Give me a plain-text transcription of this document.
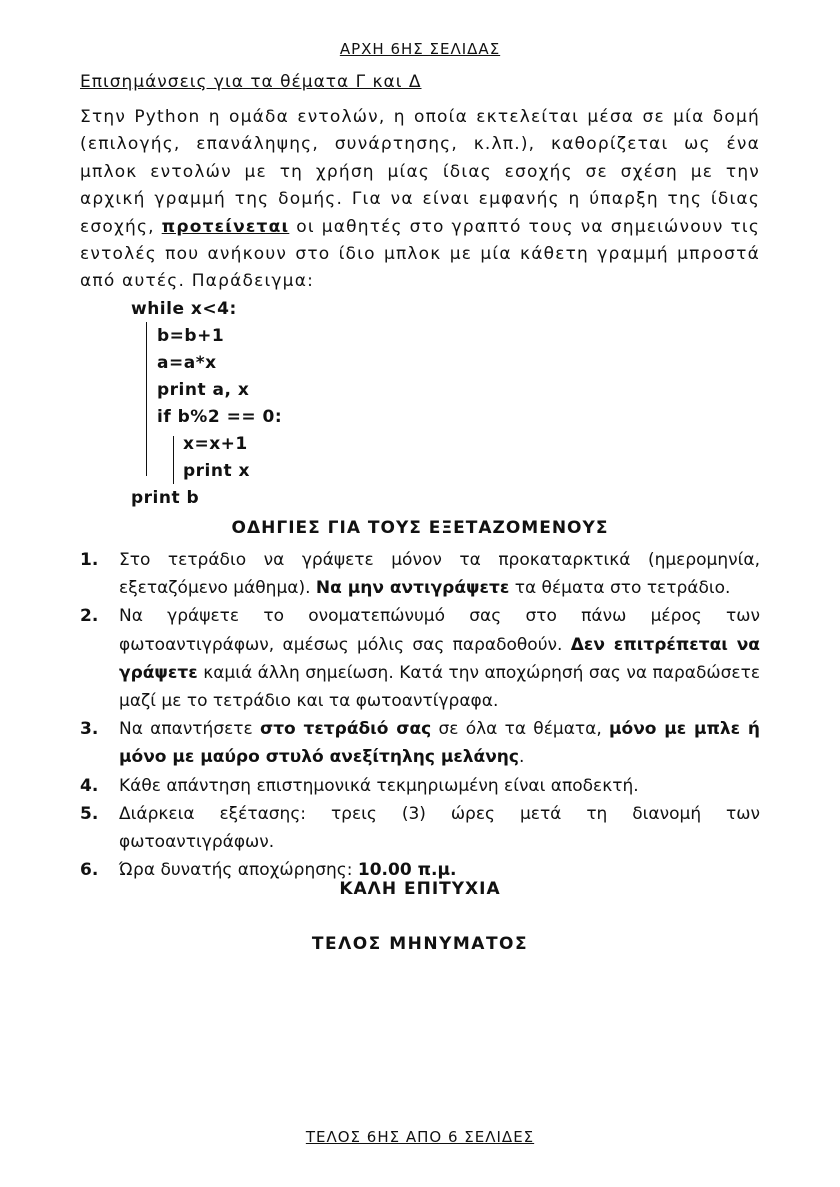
ΑΡΧΗ 6ΗΣ ΣΕΛΙΔΑΣ
Επισημάνσεις για τα θέματα Γ και Δ

Στην Python η ομάδα εντολών, η οποία εκτελείται μέσα σε μία δομή (επιλογής, επανάληψης, συνάρτησης, κ.λπ.), καθορίζεται ως ένα μπλοκ εντολών με τη χρήση μίας ίδιας εσοχής σε σχέση με την αρχική γραμμή της δομής. Για να είναι εμφανής η ύπαρξη της ίδιας εσοχής, προτείνεται οι μαθητές στο γραπτό τους να σημειώνουν τις εντολές που ανήκουν στο ίδιο μπλοκ με μία κάθετη γραμμή μπροστά από αυτές. Παράδειγμα:

while x<4:
b=b+1
a=a*x
print a, x
if b%2 == 0:
x=x+1
print x
print b
ΟΔΗΓΙΕΣ ΓΙΑ ΤΟΥΣ ΕΞΕΤΑΖΟΜΕΝΟΥΣ
1. Στο τετράδιο να γράψετε μόνον τα προκαταρκτικά (ημερομηνία, εξεταζόμενο μάθημα). Να μην αντιγράψετε τα θέματα στο τετράδιο.
2. Να γράψετε το ονοματεπώνυμό σας στο πάνω μέρος των φωτοαντιγράφων, αμέσως μόλις σας παραδοθούν. Δεν επιτρέπεται να γράψετε καμιά άλλη σημείωση. Κατά την αποχώρησή σας να παραδώσετε μαζί με το τετράδιο και τα φωτοαντίγραφα.
3. Να απαντήσετε στο τετράδιό σας σε όλα τα θέματα, μόνο με μπλε ή μόνο με μαύρο στυλό ανεξίτηλης μελάνης.
4. Κάθε απάντηση επιστημονικά τεκμηριωμένη είναι αποδεκτή.
5. Διάρκεια εξέτασης: τρεις (3) ώρες μετά τη διανομή των φωτοαντιγράφων.
6. Ώρα δυνατής αποχώρησης: 10.00 π.μ.
ΚΑΛΗ ΕΠΙΤΥΧΙΑ
ΤΕΛΟΣ ΜΗΝΥΜΑΤΟΣ
ΤΕΛΟΣ 6ΗΣ ΑΠΟ 6 ΣΕΛΙΔΕΣ
